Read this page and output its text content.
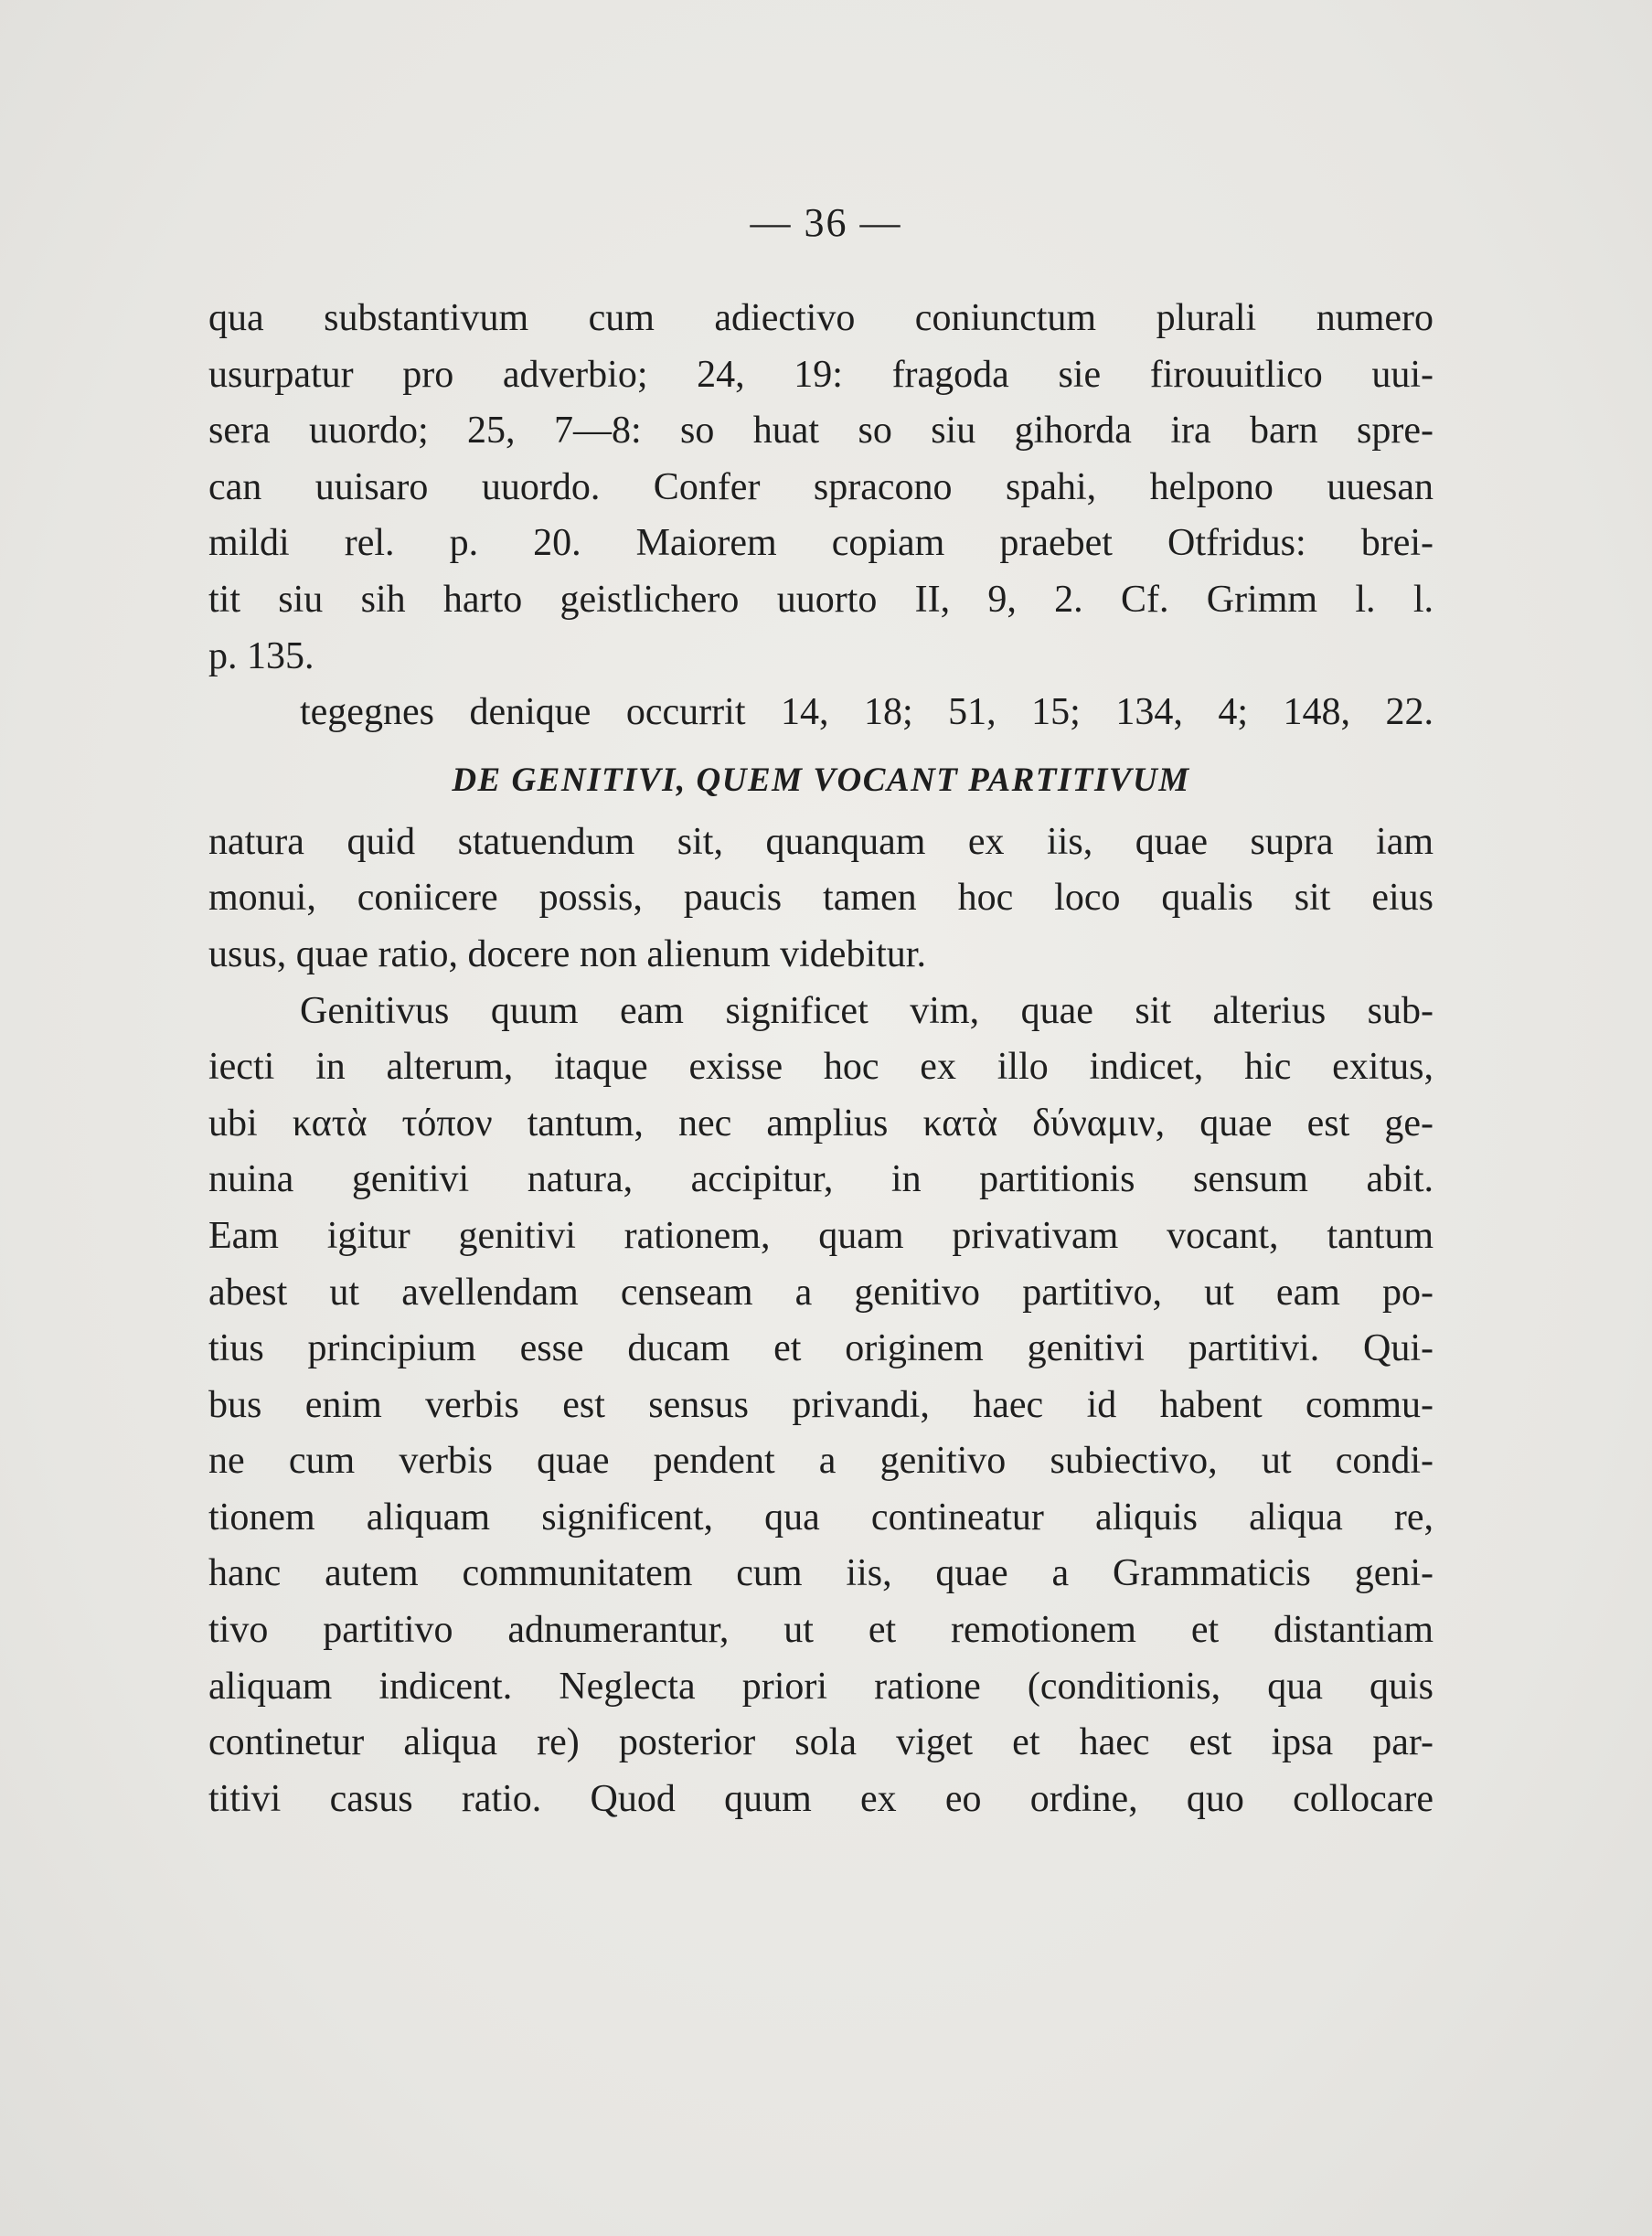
— 36 —
qua substantivum cum adiectivo coniunctum plurali numero
usurpatur pro adverbio; 24, 19: fragoda sie firouuitlico uui-
sera uuordo; 25, 7—8: so huat so siu gihorda ira barn spre-
can uuisaro uuordo. Confer spracono spahi, helpono uuesan
mildi rel. p. 20. Maiorem copiam praebet Otfridus: brei-
tit siu sih harto geistlichero uuorto II, 9, 2. Cf. Grimm l. l.
p. 135.
tegegnes denique occurrit 14, 18; 51, 15; 134, 4; 148, 22.
DE GENITIVI, QUEM VOCANT PARTITIVUM
natura quid statuendum sit, quanquam ex iis, quae supra iam
monui, coniicere possis, paucis tamen hoc loco qualis sit eius
usus, quae ratio, docere non alienum videbitur.
Genitivus quum eam significet vim, quae sit alterius sub-
iecti in alterum, itaque exisse hoc ex illo indicet, hic exitus,
ubi κατὰ τόπον tantum, nec amplius κατὰ δύναμιν, quae est ge-
nuina genitivi natura, accipitur, in partitionis sensum abit.
Eam igitur genitivi rationem, quam privativam vocant, tantum
abest ut avellendam censeam a genitivo partitivo, ut eam po-
tius principium esse ducam et originem genitivi partitivi. Qui-
bus enim verbis est sensus privandi, haec id habent commu-
ne cum verbis quae pendent a genitivo subiectivo, ut condi-
tionem aliquam significent, qua contineatur aliquis aliqua re,
hanc autem communitatem cum iis, quae a Grammaticis geni-
tivo partitivo adnumerantur, ut et remotionem et distantiam
aliquam indicent. Neglecta priori ratione (conditionis, qua quis
continetur aliqua re) posterior sola viget et haec est ipsa par-
titivi casus ratio. Quod quum ex eo ordine, quo collocare
